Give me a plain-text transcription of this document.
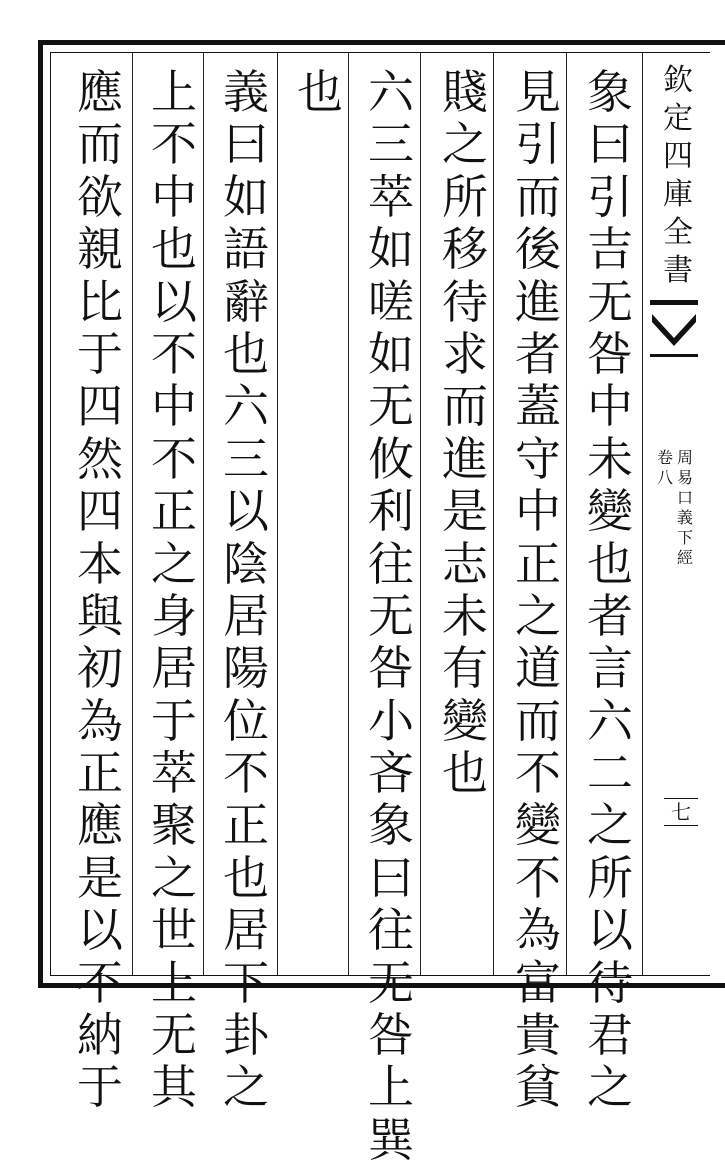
象
曰
引
吉
无
咎
中
未
變
也
者
言
六
二
之
所
以
待
君
之
見
引
而
後
進
者
蓋
守
中
正
之
道
而
不
變
不
為
富
貴
貧
賤
之
所
移
待
求
而
進
是
志
未
有
變
也
六
三
萃
如
嗟
如
无
攸
利
往
无
咎
小
吝
象
曰
往
无
咎
上
巽
也
義
曰
如
語
辭
也
六
三
以
陰
居
陽
位
不
正
也
居
下
卦
之
上
不
中
也
以
不
中
不
正
之
身
居
于
萃
聚
之
世
上
无
其
應
而
欲
親
比
于
四
然
四
本
與
初
為
正
應
是
以
不
納
于
欽
定
四
庫
全
書
周
易
口
義
下
經
卷
八
七
